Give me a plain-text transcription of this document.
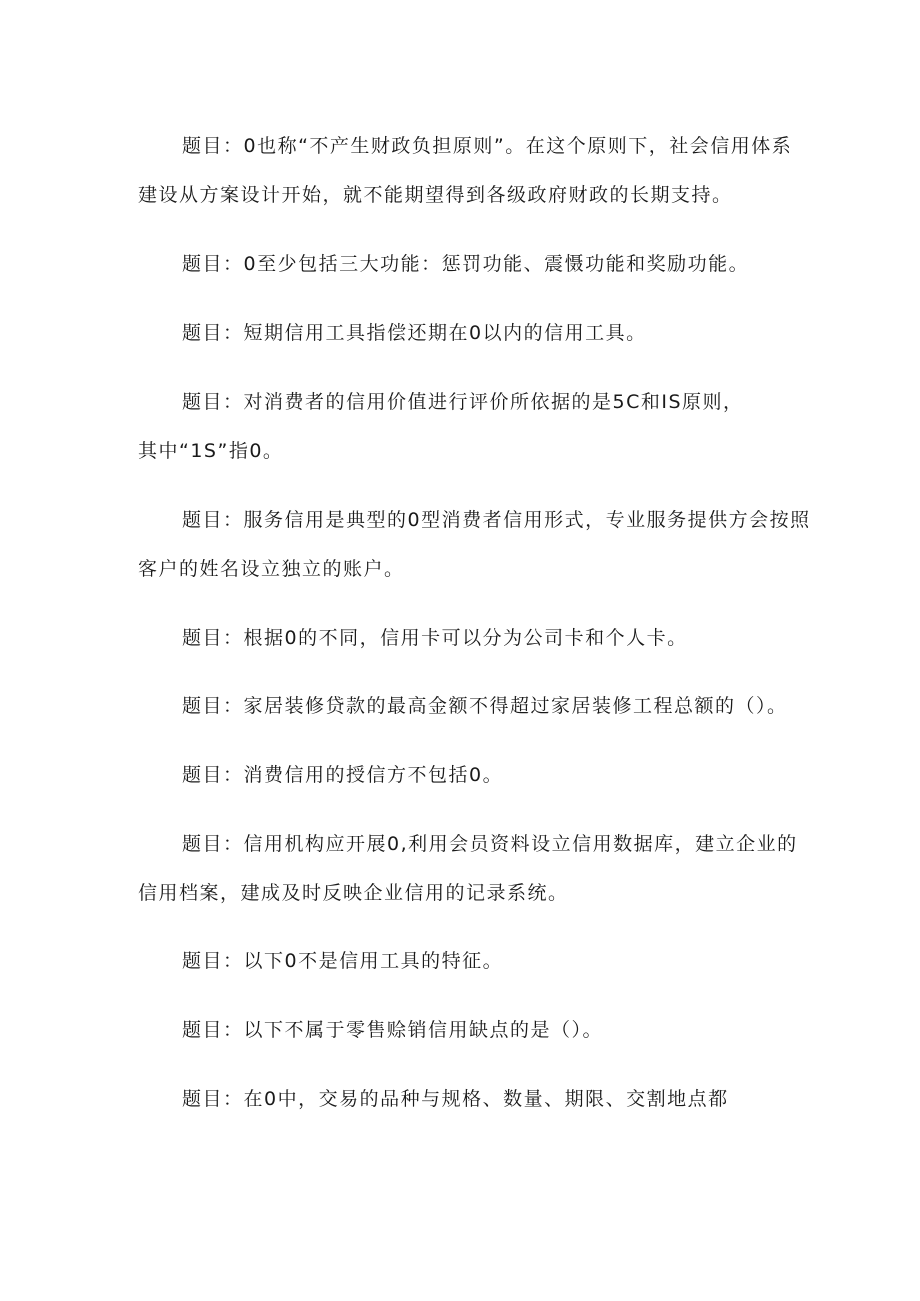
题目：0也称“不产生财政负担原则”。在这个原则下，社会信用体系
建设从方案设计开始，就不能期望得到各级政府财政的长期支持。
题目：0至少包括三大功能：惩罚功能、震慑功能和奖励功能。
题目：短期信用工具指偿还期在0以内的信用工具。
题目：对消费者的信用价值进行评价所依据的是5C和IS原则，
其中“1S”指0。
题目：服务信用是典型的0型消费者信用形式，专业服务提供方会按照
客户的姓名设立独立的账户。
题目：根据0的不同，信用卡可以分为公司卡和个人卡。
题目：家居装修贷款的最高金额不得超过家居装修工程总额的（）。
题目：消费信用的授信方不包括0。
题目：信用机构应开展0,利用会员资料设立信用数据库，建立企业的
信用档案，建成及时反映企业信用的记录系统。
题目：以下0不是信用工具的特征。
题目：以下不属于零售赊销信用缺点的是（）。
题目：在0中，交易的品种与规格、数量、期限、交割地点都
